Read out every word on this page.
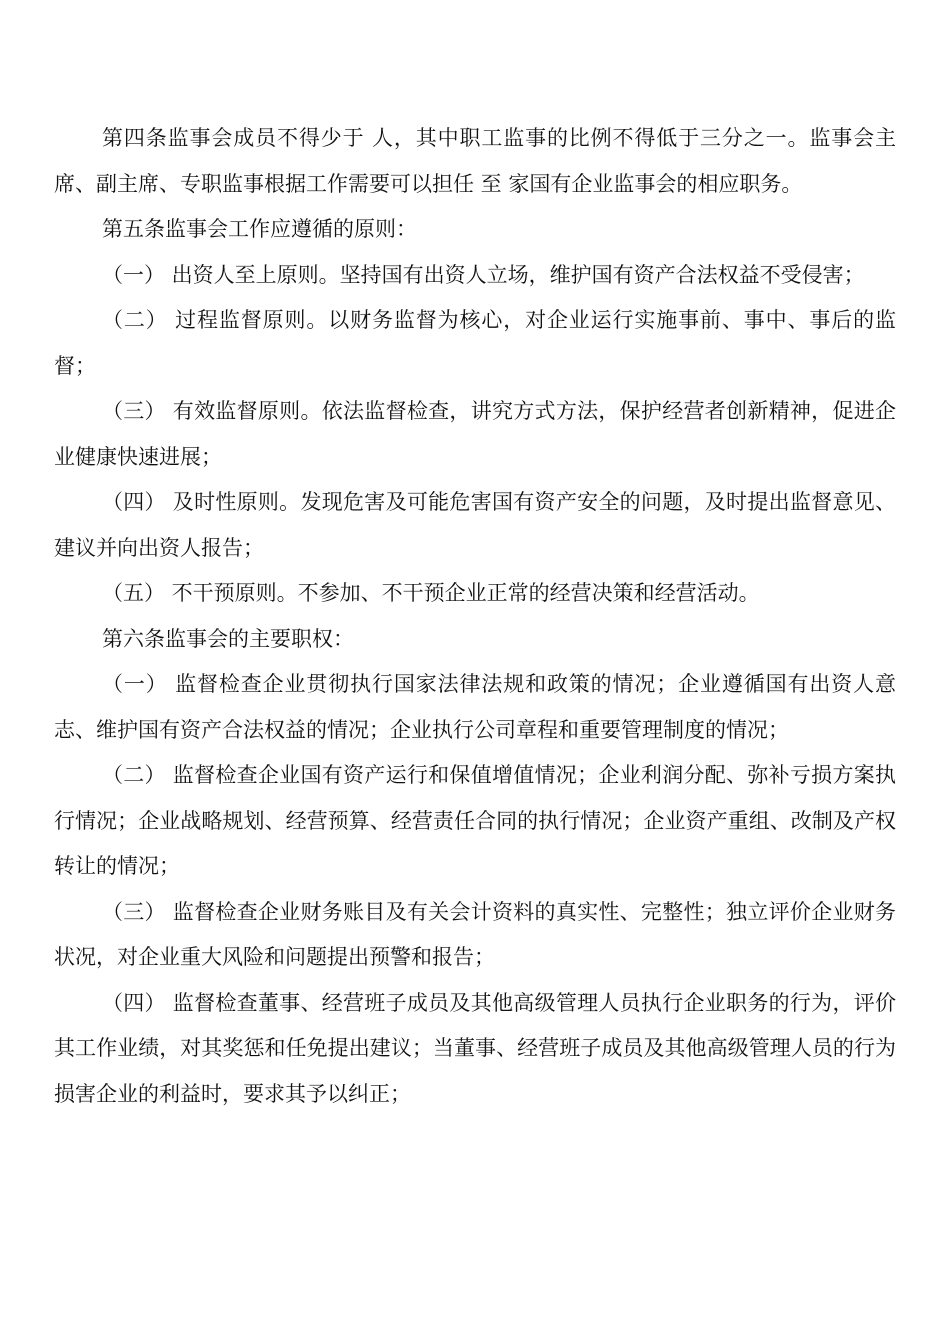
第四条监事会成员不得少于 人，其中职工监事的比例不得低于三分之一。监事会主席、副主席、专职监事根据工作需要可以担任 至 家国有企业监事会的相应职务。

第五条监事会工作应遵循的原则：

（一） 出资人至上原则。坚持国有出资人立场，维护国有资产合法权益不受侵害；

（二） 过程监督原则。以财务监督为核心，对企业运行实施事前、事中、事后的监督；

（三） 有效监督原则。依法监督检查，讲究方式方法，保护经营者创新精神，促进企业健康快速进展；

（四） 及时性原则。发现危害及可能危害国有资产安全的问题，及时提出监督意见、建议并向出资人报告；

（五） 不干预原则。不参加、不干预企业正常的经营决策和经营活动。

第六条监事会的主要职权：

（一） 监督检查企业贯彻执行国家法律法规和政策的情况；企业遵循国有出资人意志、维护国有资产合法权益的情况；企业执行公司章程和重要管理制度的情况；

（二） 监督检查企业国有资产运行和保值增值情况；企业利润分配、弥补亏损方案执行情况；企业战略规划、经营预算、经营责任合同的执行情况；企业资产重组、改制及产权转让的情况；

（三） 监督检查企业财务账目及有关会计资料的真实性、完整性；独立评价企业财务状况，对企业重大风险和问题提出预警和报告；

（四） 监督检查董事、经营班子成员及其他高级管理人员执行企业职务的行为，评价其工作业绩，对其奖惩和任免提出建议；当董事、经营班子成员及其他高级管理人员的行为损害企业的利益时，要求其予以纠正；
